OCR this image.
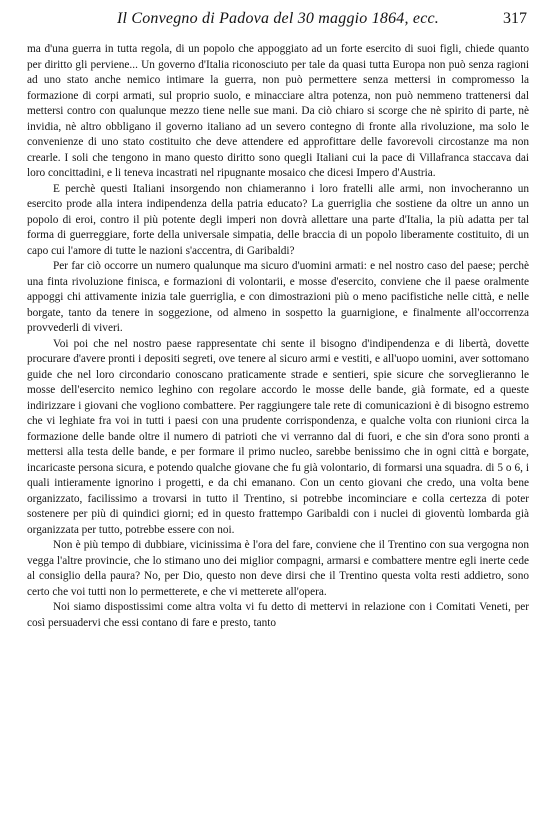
Il Convegno di Padova del 30 maggio 1864, ecc.	317

ma d'una guerra in tutta regola, di un popolo che appoggiato ad un forte esercito di suoi figli, chiede quanto per diritto gli perviene... Un governo d'Italia riconosciuto per tale da quasi tutta Europa non può senza ragioni ad uno stato anche nemico intimare la guerra, non può permettere senza mettersi in compromesso la formazione di corpi armati, sul proprio suolo, e minacciare altra potenza, non può nemmeno trattenersi dal mettersi contro con qualunque mezzo tiene nelle sue mani. Da ciò chiaro si scorge che nè spirito di parte, nè invidia, nè altro obbligano il governo italiano ad un severo contegno di fronte alla rivoluzione, ma solo le convenienze di uno stato costituito che deve attendere ed approfittare delle favorevoli circostanze ma non crearle. I soli che tengono in mano questo diritto sono quegli Italiani cui la pace di Villafranca staccava dai loro concittadini, e li teneva incastrati nel ripugnante mosaico che dicesi Impero d'Austria.

E perchè questi Italiani insorgendo non chiameranno i loro fratelli alle armi, non invocheranno un esercito prode alla intera indipendenza della patria educato? La guerriglia che sostiene da oltre un anno un popolo di eroi, contro il più potente degli imperi non dovrà allettare una parte d'Italia, la più adatta per tal forma di guerreggiare, forte della universale simpatia, delle braccia di un popolo liberamente costituito, di un capo cui l'amore di tutte le nazioni s'accentra, di Garibaldi?

Per far ciò occorre un numero qualunque ma sicuro d'uomini armati: e nel nostro caso del paese; perchè una finta rivoluzione finisca, e formazioni di volontarii, e mosse d'esercito, conviene che il paese oralmente appoggi chi attivamente inizia tale guerriglia, e con dimostrazioni più o meno pacifistiche nelle città, e nelle borgate, tanto da tenere in soggezione, od almeno in sospetto la guarnigione, e finalmente all'occorrenza provvederli di viveri.

Voi poi che nel nostro paese rappresentate chi sente il bisogno d'indipendenza e di libertà, dovette procurare d'avere pronti i depositi segreti, ove tenere al sicuro armi e vestiti, e all'uopo uomini, aver sottomano guide che nel loro circondario conoscano praticamente strade e sentieri, spie sicure che sorveglieranno le mosse dell'esercito nemico leghino con regolare accordo le mosse delle bande, già formate, ed a queste indirizzare i giovani che vogliono combattere. Per raggiungere tale rete di comunicazioni è di bisogno estremo che vi leghiate fra voi in tutti i paesi con una prudente corrispondenza, e qualche volta con riunioni circa la formazione delle bande oltre il numero di patrioti che vi verranno dal di fuori, e che sin d'ora sono pronti a mettersi alla testa delle bande, e per formare il primo nucleo, sarebbe benissimo che in ogni città e borgate, incaricaste persona sicura, e potendo qualche giovane che fu già volontario, di formarsi una squadra. di 5 o 6, i quali intieramente ignorino i progetti, e da chi emanano. Con un cento giovani che credo, una volta bene organizzato, facilissimo a trovarsi in tutto il Trentino, si potrebbe incominciare e colla certezza di poter sostenere per più di quindici giorni; ed in questo frattempo Garibaldi con i nuclei di gioventù lombarda già organizzata per tutto, potrebbe essere con noi.

Non è più tempo di dubbiare, vicinissima è l'ora del fare, conviene che il Trentino con sua vergogna non vegga l'altre provincie, che lo stimano uno dei miglior compagni, armarsi e combattere mentre egli inerte cede al consiglio della paura? No, per Dio, questo non deve dirsi che il Trentino questa volta resti addietro, sono certo che voi tutti non lo permetterete, e che vi metterete all'opera.

Noi siamo dispostissimi come altra volta vi fu detto di mettervi in relazione con i Comitati Veneti, per così persuadervi che essi contano di fare e presto, tanto
